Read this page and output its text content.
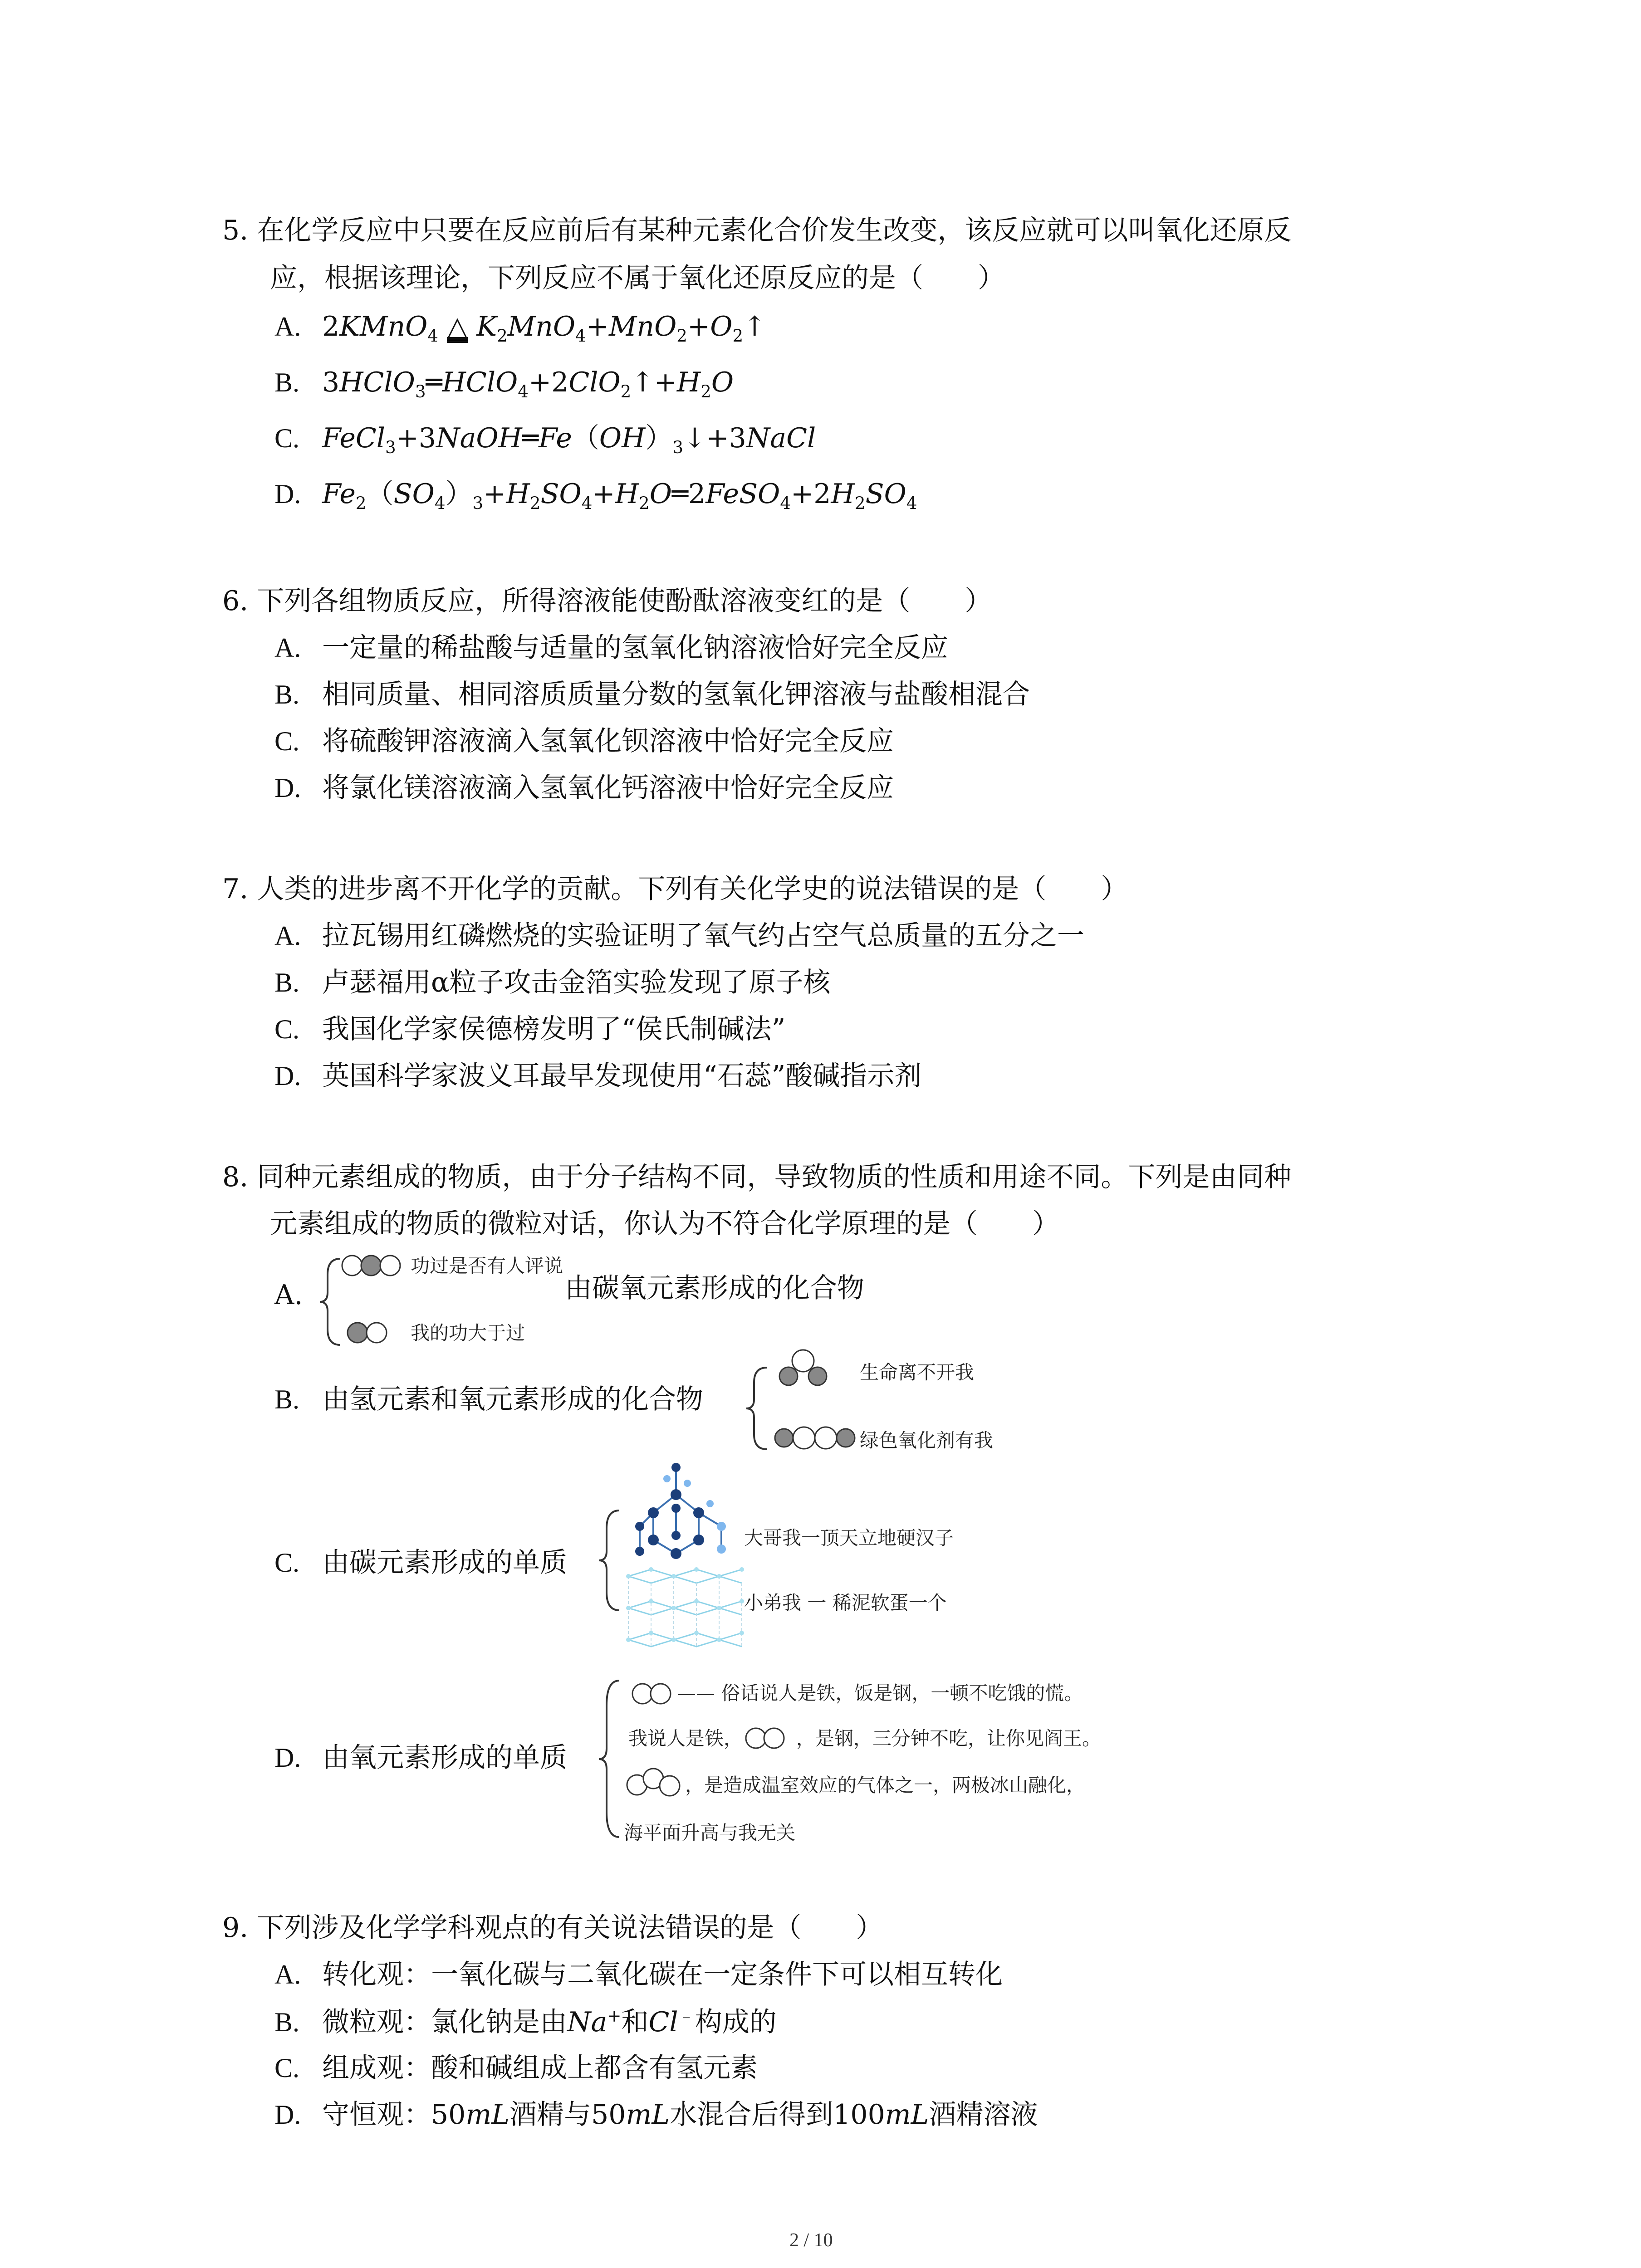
5. 在化学反应中只要在反应前后有某种元素化合价发生改变，该反应就可以叫氧化还原反
应，根据该理论，下列反应不属于氧化还原反应的是（　　）
A. 2KMnO$_4$ △ $K_2MnO_4+MnO_2+O_2↑$
B. $3HClO_3═HClO_4+2ClO_2↑+H_2O$
C. $FeCl_3+3NaOH═Fe(OH)_3↓+3NaCl$
D. $Fe_2(SO_4)_3+H_2SO_4+H_2O═2FeSO_4+2H_2SO_4$
6. 下列各组物质反应，所得溶液能使酚酞溶液变红的是（　　）
A. 一定量的稀盐酸与适量的氢氧化钠溶液恰好完全反应
B. 相同质量、相同溶质质量分数的氢氧化钾溶液与盐酸相混合
C. 将硫酸钾溶液滴入氢氧化钡溶液中恰好完全反应
D. 将氯化镁溶液滴入氢氧化钙溶液中恰好完全反应
7. 人类的进步离不开化学的贡献。下列有关化学史的说法错误的是（　　）
A. 拉瓦锡用红磷燃烧的实验证明了氧气约占空气总质量的五分之一
B. 卢瑟福用α粒子攻击金箔实验发现了原子核
C. 我国化学家侯德榜发明了“侯氏制碱法”
D. 英国科学家波义耳最早发现使用“石蕊”酸碱指示剂
8. 同种元素组成的物质，由于分子结构不同，导致物质的性质和用途不同。下列是由同种
元素组成的物质的微粒对话，你认为不符合化学原理的是（　　）
A.
功过是否有人评说
我的功大于过
由碳氧元素形成的化合物
B. 由氢元素和氧元素形成的化合物
生命离不开我
绿色氧化剂有我
C. 由碳元素形成的单质
大哥我一顶天立地硬汉子
小弟我 一 稀泥软蛋一个
D. 由氧元素形成的单质
—— 俗话说人是铁，饭是钢，一顿不吃饿的慌。
我说人是铁，	，是钢，三分钟不吃，让你见阎王。
，是造成温室效应的气体之一，两极冰山融化，
海平面升高与我无关
9. 下列涉及化学学科观点的有关说法错误的是（　　）
A. 转化观：一氧化碳与二氧化碳在一定条件下可以相互转化
B. 微粒观：氯化钠是由Na+和Cl﹣构成的
C. 组成观：酸和碱组成上都含有氢元素
D. 守恒观：50mL酒精与50mL水混合后得到100mL酒精溶液
2 / 10
